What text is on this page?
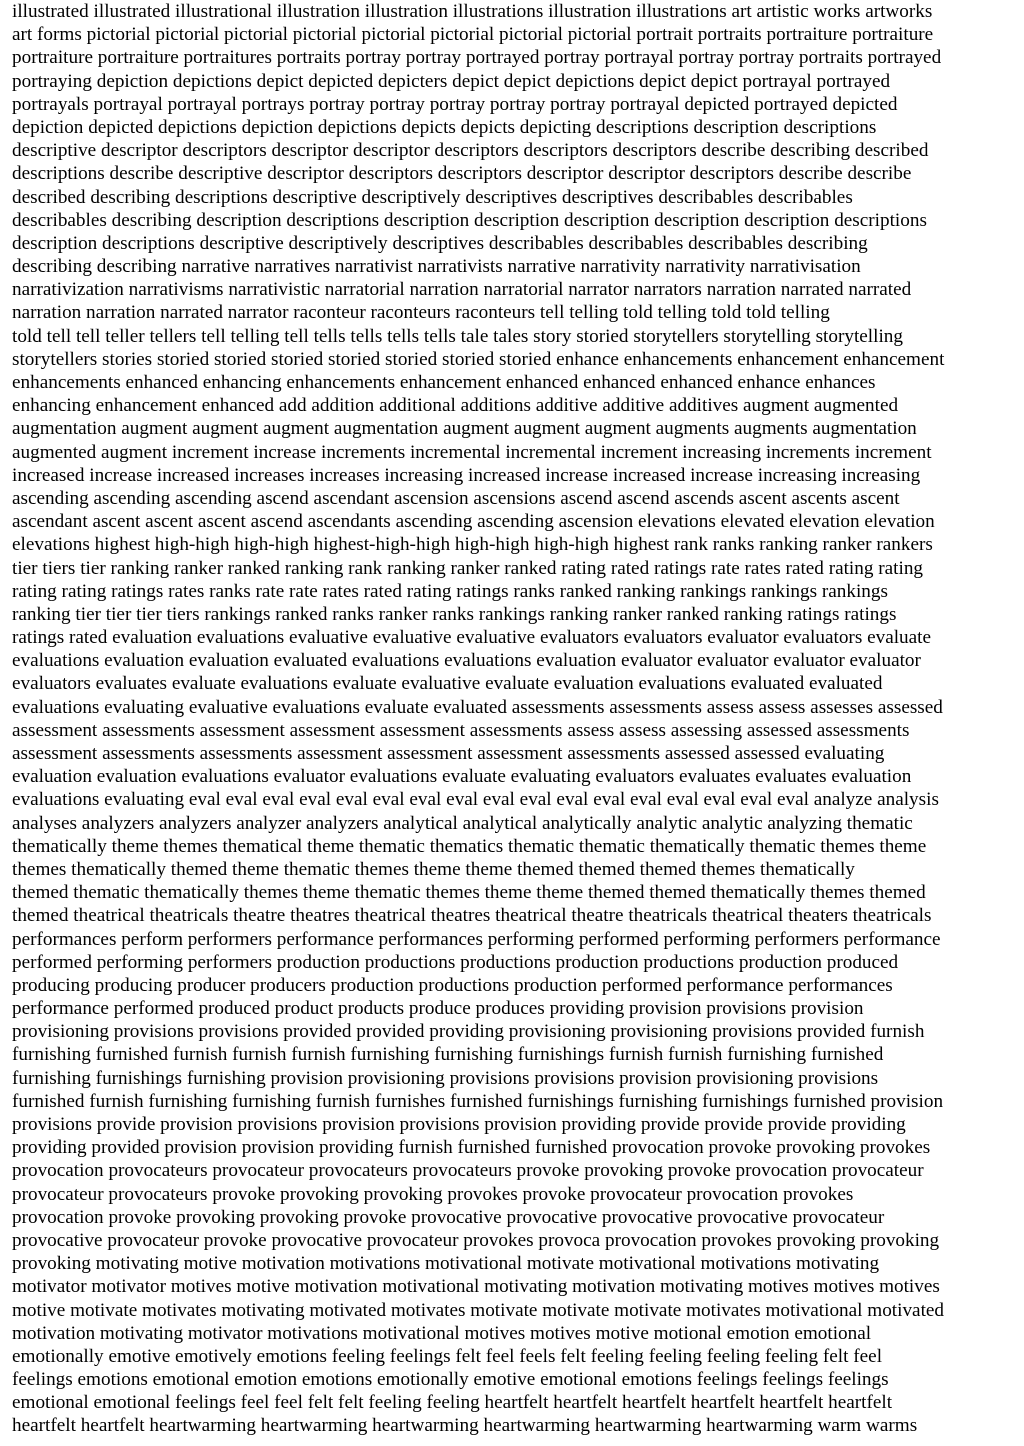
illustrated illustrated illustrational illustration illustration illustrations illustration illustrations art artistic works artworks
art forms pictorial pictorial pictorial pictorial pictorial pictorial pictorial pictorial portrait portraits portraiture portraiture
portraiture portraiture portraitures portraits portray portray portrayed portray portrayal portray portray portraits portrayed
portraying depiction depictions depict depicted depicters depict depict depictions depict depict portrayal portrayed
portrayals portrayal portrayal portrays portray portray portray portray portray portrayal depicted portrayed depicted
depiction depicted depictions depiction depictions depicts depicts depicting descriptions description descriptions
descriptive descriptor descriptors descriptor descriptor descriptors descriptors descriptors describe describing described
descriptions describe descriptive descriptor descriptors descriptors descriptor descriptor descriptors describe describe
described describing descriptions descriptive descriptively descriptives descriptives describables describables
describables describing description descriptions description description description description description descriptions
description descriptions descriptive descriptively descriptives describables describables describables describing
describing describing narrative narratives narrativist narrativists narrative narrativity narrativity narrativisation
narrativization narrativisms narrativistic narratorial narration narratorial narrator narrators narration narrated narrated
narration narration narrated narrator raconteur raconteurs raconteurs tell telling told telling told told telling
told tell tell teller tellers tell telling tell tells tells tells tells tale tales story storied storytellers storytelling storytelling
storytellers stories storied storied storied storied storied storied storied enhance enhancements enhancement enhancement
enhancements enhanced enhancing enhancements enhancement enhanced enhanced enhanced enhance enhances
enhancing enhancement enhanced add addition additional additions additive additive additives augment augmented
augmentation augment augment augment augmentation augment augment augment augments augments augmentation
augmented augment increment increase increments incremental incremental increment increasing increments increment
increased increase increased increases increases increasing increased increase increased increase increasing increasing
ascending ascending ascending ascend ascendant ascension ascensions ascend ascend ascends ascent ascents ascent
ascendant ascent ascent ascent ascend ascendants ascending ascending ascension elevations elevated elevation elevation
elevations highest high-high high-high highest-high-high high-high high-high highest rank ranks ranking ranker rankers
tier tiers tier ranking ranker ranked ranking rank ranking ranker ranked rating rated ratings rate rates rated rating rating
rating rating ratings rates ranks rate rate rates rated rating ratings ranks ranked ranking rankings rankings rankings
ranking tier tier tier tiers rankings ranked ranks ranker ranks rankings ranking ranker ranked ranking ratings ratings
ratings rated evaluation evaluations evaluative evaluative evaluative evaluators evaluators evaluator evaluators evaluate
evaluations evaluation evaluation evaluated evaluations evaluations evaluation evaluator evaluator evaluator evaluator
evaluators evaluates evaluate evaluations evaluate evaluative evaluate evaluation evaluations evaluated evaluated
evaluations evaluating evaluative evaluations evaluate evaluated assessments assessments assess assess assesses assessed
assessment assessments assessment assessment assessment assessments assess assess assessing assessed assessments
assessment assessments assessments assessment assessment assessment assessments assessed assessed evaluating
evaluation evaluation evaluations evaluator evaluations evaluate evaluating evaluators evaluates evaluates evaluation
evaluations evaluating eval eval eval eval eval eval eval eval eval eval eval eval eval eval eval eval eval analyze analysis
analyses analyzers analyzers analyzer analyzers analytical analytical analytically analytic analytic analyzing thematic
thematically theme themes thematical theme thematic thematics thematic thematic thematically thematic themes theme
themes thematically themed theme thematic themes theme theme themed themed themed themes thematically
themed thematic thematically themes theme thematic themes theme theme themed themed thematically themes themed
themed theatrical theatricals theatre theatres theatrical theatres theatrical theatre theatricals theatrical theaters theatricals
performances perform performers performance performances performing performed performing performers performance
performed performing performers production productions productions production productions production produced
producing producing producer producers production productions production performed performance performances
performance performed produced product products produce produces providing provision provisions provision
provisioning provisions provisions provided provided providing provisioning provisioning provisions provided furnish
furnishing furnished furnish furnish furnish furnishing furnishing furnishings furnish furnish furnishing furnished
furnishing furnishings furnishing provision provisioning provisions provisions provision provisioning provisions
furnished furnish furnishing furnishing furnish furnishes furnished furnishings furnishing furnishings furnished provision
provisions provide provision provisions provision provisions provision providing provide provide provide providing
providing provided provision provision providing furnish furnished furnished provocation provoke provoking provokes
provocation provocateurs provocateur provocateurs provocateurs provoke provoking provoke provocation provocateur
provocateur provocateurs provoke provoking provoking provokes provoke provocateur provocation provokes
provocation provoke provoking provoking provoke provocative provocative provocative provocative provocateur
provocative provocateur provoke provocative provocateur provokes provoca provocation provokes provoking provoking
provoking motivating motive motivation motivations motivational motivate motivational motivations motivating
motivator motivator motives motive motivation motivational motivating motivation motivating motives motives motives
motive motivate motivates motivating motivated motivates motivate motivate motivate motivates motivational motivated
motivation motivating motivator motivations motivational motives motives motive motional emotion emotional
emotionally emotive emotively emotions feeling feelings felt feel feels felt feeling feeling feeling feeling felt feel
feelings emotions emotional emotion emotions emotionally emotive emotional emotions feelings feelings feelings
emotional emotional feelings feel feel felt felt feeling feeling heartfelt heartfelt heartfelt heartfelt heartfelt heartfelt
heartfelt heartfelt heartwarming heartwarming heartwarming heartwarming heartwarming heartwarming warm warms
